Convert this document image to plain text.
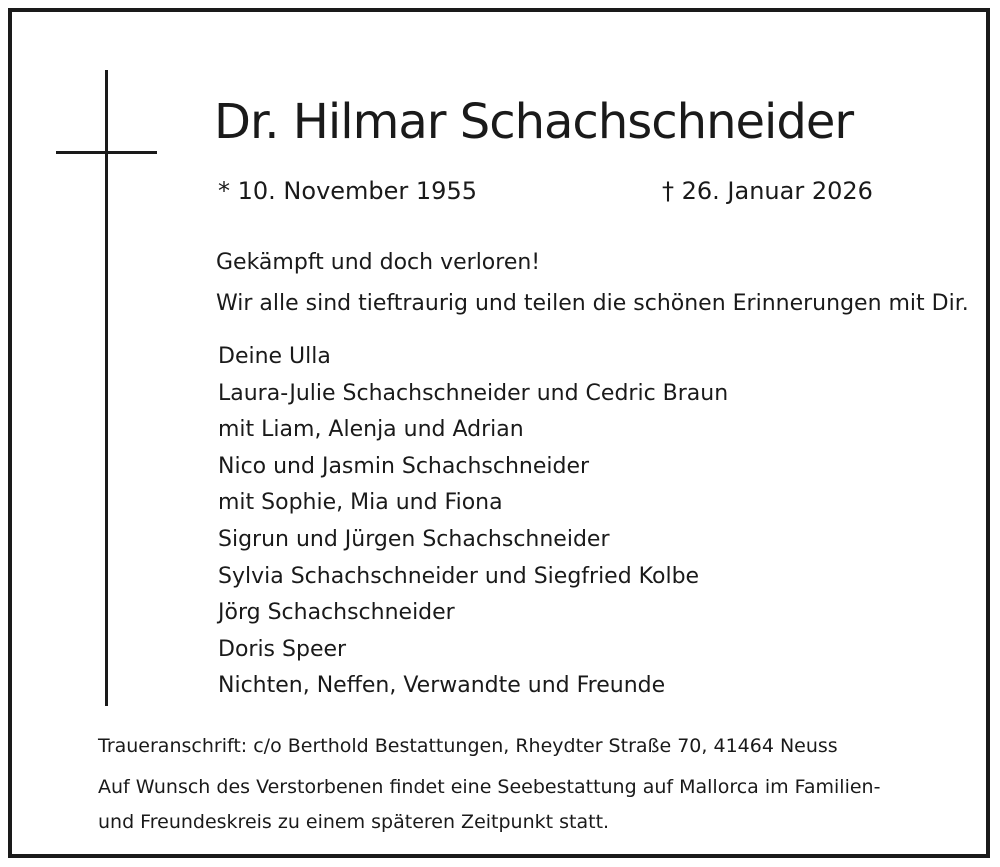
Dr. Hilmar Schachschneider
* 10. November 1955	† 26. Januar 2026
Gekämpft und doch verloren!
Wir alle sind tieftraurig und teilen die schönen Erinnerungen mit Dir.
Deine Ulla
Laura-Julie Schachschneider und Cedric Braun
mit Liam, Alenja und Adrian
Nico und Jasmin Schachschneider
mit Sophie, Mia und Fiona
Sigrun und Jürgen Schachschneider
Sylvia Schachschneider und Siegfried Kolbe
Jörg Schachschneider
Doris Speer
Nichten, Neffen, Verwandte und Freunde
Traueranschrift: c/o Berthold Bestattungen, Rheydter Straße 70, 41464 Neuss
Auf Wunsch des Verstorbenen findet eine Seebestattung auf Mallorca im Familien-
und Freundeskreis zu einem späteren Zeitpunkt statt.
